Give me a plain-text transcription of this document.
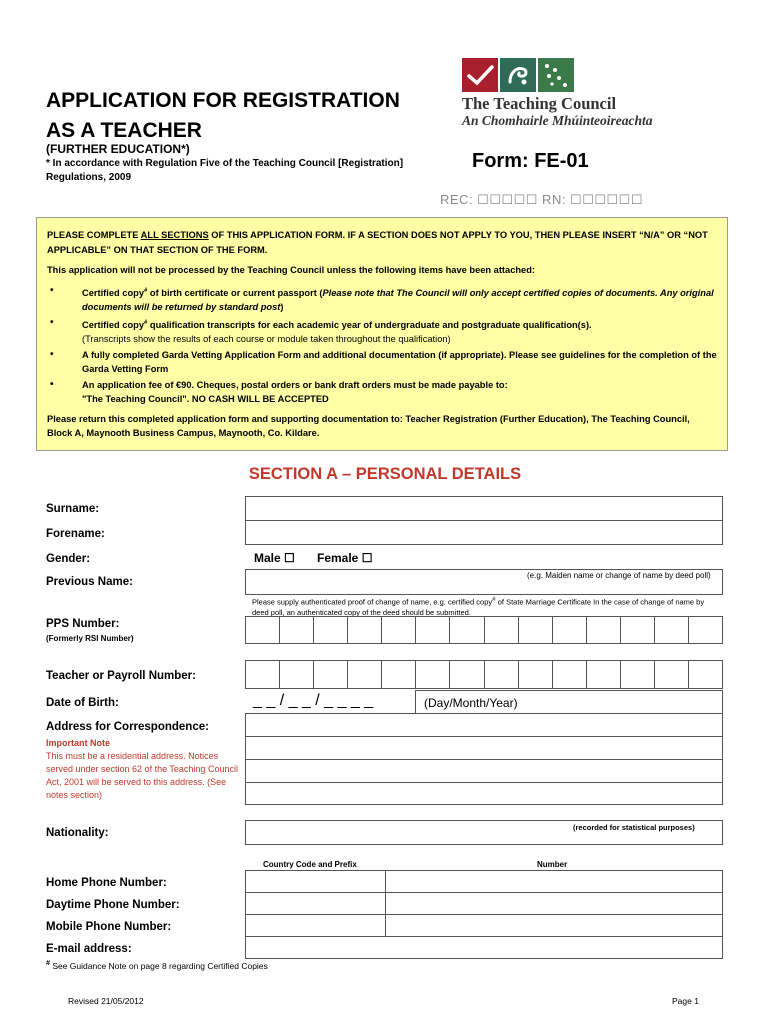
APPLICATION FOR REGISTRATION
AS A TEACHER
(FURTHER EDUCATION*)
* In accordance with Regulation Five of the Teaching Council [Registration] Regulations, 2009
The Teaching Council
An Chomhairle Mhúinteoireachta
Form: FE-01
REC: ☐☐☐☐☐ RN: ☐☐☐☐☐☐

PLEASE COMPLETE ALL SECTIONS OF THIS APPLICATION FORM. IF A SECTION DOES NOT APPLY TO YOU, THEN PLEASE INSERT “N/A” OR “NOT APPLICABLE” ON THAT SECTION OF THE FORM.

This application will not be processed by the Teaching Council unless the following items have been attached:

•	Certified copy# of birth certificate or current passport (Please note that The Council will only accept certified copies of documents. Any original documents will be returned by standard post)
•	Certified copy# qualification transcripts for each academic year of undergraduate and postgraduate qualification(s).
(Transcripts show the results of each course or module taken throughout the qualification)
•	A fully completed Garda Vetting Application Form and additional documentation (if appropriate). Please see guidelines for the completion of the Garda Vetting Form
•	An application fee of €90. Cheques, postal orders or bank draft orders must be made payable to:
"The Teaching Council". NO CASH WILL BE ACCEPTED

Please return this completed application form and supporting documentation to: Teacher Registration (Further Education), The Teaching Council, Block A, Maynooth Business Campus, Maynooth, Co. Kildare.

SECTION A – PERSONAL DETAILS
Surname:
Forename:
Gender:	Male ☐ Female ☐
Previous Name:
(e.g. Maiden name or change of name by deed poll)
Please supply authenticated proof of change of name, e.g. certified copy# of State Marriage Certificate In the case of change of name by deed poll, an authenticated copy of the deed should be submitted.
PPS Number:
(Formerly RSI Number)
Teacher or Payroll Number:
Date of Birth:	_ _ / _ _ / _ _ _ _	(Day/Month/Year)
Address for Correspondence:
Important Note
This must be a residential address. Notices served under section 62 of the Teaching Council Act, 2001 will be served to this address. (See notes section)
Nationality:	(recorded for statistical purposes)
Country Code and Prefix	Number
Home Phone Number:
Daytime Phone Number:
Mobile Phone Number:
E-mail address:
# See Guidance Note on page 8 regarding Certified Copies
Revised 21/05/2012	Page 1
